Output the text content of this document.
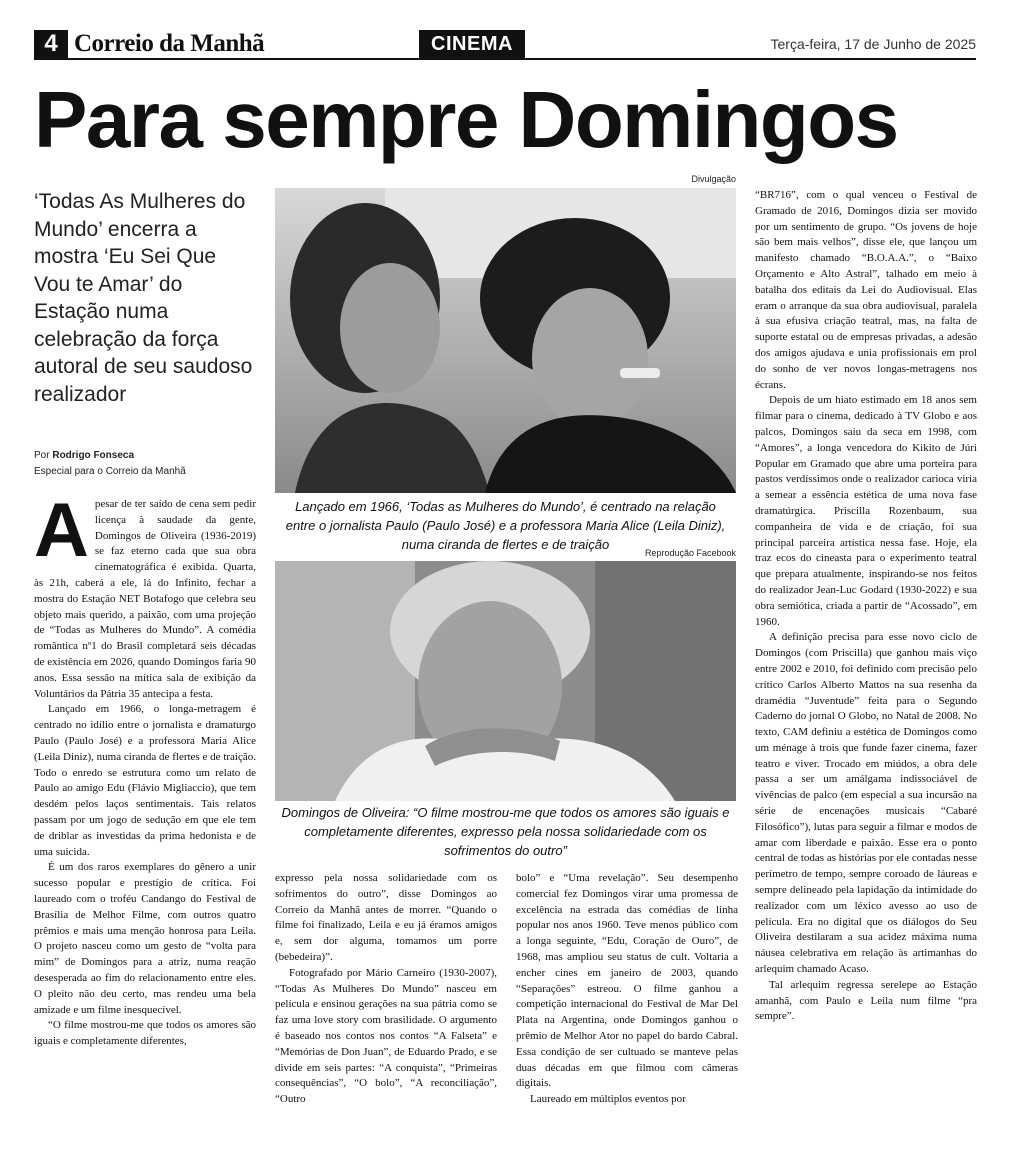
4 Correio da Manhã	CINEMA	Terça-feira, 17 de Junho de 2025
Para sempre Domingos
‘Todas As Mulheres do Mundo’ encerra a mostra ‘Eu Sei Que Vou te Amar’ do Estação numa celebração da força autoral de seu saudoso realizador
Por Rodrigo Fonseca
Especial para o Correio da Manhã
A pesar de ter saído de cena sem pedir licença à saudade da gente, Domingos de Oliveira (1936-2019) se faz eterno cada que sua obra cinematográfica é exibida. Quarta, às 21h, caberá a ele, lá do Infinito, fechar a mostra do Estação NET Botafogo que celebra seu objeto mais querido, a paixão, com uma projeção de “Todas as Mulheres do Mundo”. A comédia romântica nº1 do Brasil completará seis décadas de existência em 2026, quando Domingos faria 90 anos. Essa sessão na mítica sala de exibição da Voluntários da Pátria 35 antecipa a festa.

Lançado em 1966, o longa-metragem é centrado no idílio entre o jornalista e dramaturgo Paulo (Paulo José) e a professora Maria Alice (Leila Diniz), numa ciranda de flertes e de traição. Todo o enredo se estrutura como um relato de Paulo ao amigo Edu (Flávio Migliaccio), que tem desdém pelos laços sentimentais. Tais relatos passam por um jogo de sedução em que ele tem de driblar as investidas da prima hedonista e de uma suicida.

É um dos raros exemplares do gênero a unir sucesso popular e prestígio de crítica. Foi laureado com o troféu Candango do Festival de Brasília de Melhor Filme, com outros quatro prêmios e mais uma menção honrosa para Leila. O projeto nasceu como um gesto de “volta para mim” de Domingos para a atriz, numa reação desesperada ao fim do relacionamento entre eles. O pleito não deu certo, mas rendeu uma bela amizade e um filme inesquecível.

“O filme mostrou-me que todos os amores são iguais e completamente diferentes,

Divulgação
Lançado em 1966, ‘Todas as Mulheres do Mundo’, é centrado na relação entre o jornalista Paulo (Paulo José) e a professora Maria Alice (Leila Diniz), numa ciranda de flertes e de traição
Reprodução Facebook
Domingos de Oliveira: “O filme mostrou-me que todos os amores são iguais e completamente diferentes, expresso pela nossa solidariedade com os sofrimentos do outro”

expresso pela nossa solidariedade com os sofrimentos do outro”, disse Domingos ao Correio da Manhã antes de morrer. “Quando o filme foi finalizado, Leila e eu já éramos amigos e, sem dor alguma, tomamos um porre (bebedeira)”.

Fotografado por Mário Carneiro (1930-2007), “Todas As Mulheres Do Mundo” nasceu em película e ensinou gerações na sua pátria como se faz uma love story com brasilidade. O argumento é baseado nos contos nos contos “A Falseta” e “Memórias de Don Juan”, de Eduardo Prado, e se divide em seis partes: “A conquista”, “Primeiras consequências”, “O bolo”, “A reconciliação”, “Outro

bolo” e “Uma revelação”. Seu desempenho comercial fez Domingos virar uma promessa de excelência na estrada das comédias de linha popular nos anos 1960. Teve menos público com a longa seguinte, “Edu, Coração de Ouro”, de 1968, mas ampliou seu status de cult. Voltaria a encher cines em janeiro de 2003, quando “Separações” estreou. O filme ganhou a competição internacional do Festival de Mar Del Plata na Argentina, onde Domingos ganhou o prêmio de Melhor Ator no papel do bardo Cabral. Essa condição de ser cultuado se manteve pelas duas décadas em que filmou com câmeras digitais.

Laureado em múltiplos eventos por

“BR716”, com o qual venceu o Festival de Gramado de 2016, Domingos dizia ser movido por um sentimento de grupo. “Os jovens de hoje são bem mais velhos”, disse ele, que lançou um manifesto chamado “B.O.A.A.”, o “Baixo Orçamento e Alto Astral”, talhado em meio à batalha dos editais da Lei do Audiovisual. Elas eram o arranque da sua obra audiovisual, paralela à sua efusiva criação teatral, mas, na falta de suporte estatal ou de empresas privadas, a adesão dos amigos ajudava e unia profissionais em prol do sonho de ver novos longas-metragens nos écrans.

Depois de um hiato estimado em 18 anos sem filmar para o cinema, dedicado à TV Globo e aos palcos, Domingos saiu da seca em 1998, com “Amores”, a longa vencedora do Kikito de Júri Popular em Gramado que abre uma porteira para pastos verdíssimos onde o realizador carioca viria a semear a essência estética de uma nova fase dramatúrgica. Priscilla Rozenbaum, sua companheira de vida e de criação, foi sua principal parceira artística nessa fase. Hoje, ela traz ecos do cineasta para o experimento teatral que prepara atualmente, inspirando-se nos feitos do realizador Jean-Luc Godard (1930-2022) e sua obra semiótica, criada a partir de “Acossado”, em 1960.

A definição precisa para esse novo ciclo de Domingos (com Priscilla) que ganhou mais viço entre 2002 e 2010, foi definido com precisão pelo crítico Carlos Alberto Mattos na sua resenha da dramédia “Juventude” feita para o Segundo Caderno do jornal O Globo, no Natal de 2008. No texto, CAM definiu a estética de Domingos como um ménage à trois que funde fazer cinema, fazer teatro e viver. Trocado em miúdos, a obra dele passa a ser um amálgama indissociável de vivências de palco (em especial a sua incursão na série de encenações musicais “Cabaré Filosófico”), lutas para seguir a filmar e modos de amar com liberdade e paixão. Esse era o ponto central de todas as histórias por ele contadas nesse perímetro de tempo, sempre coroado de láureas e sempre delineado pela lapidação da intimidade do realizador com um léxico avesso ao uso de película. Era no digital que os diálogos do Seu Oliveira destilaram a sua acidez máxima numa náusea celebrativa em relação às artimanhas do arlequim chamado Acaso.

Tal arlequim regressa serelepe ao Estação amanhã, com Paulo e Leila num filme “pra sempre”.
